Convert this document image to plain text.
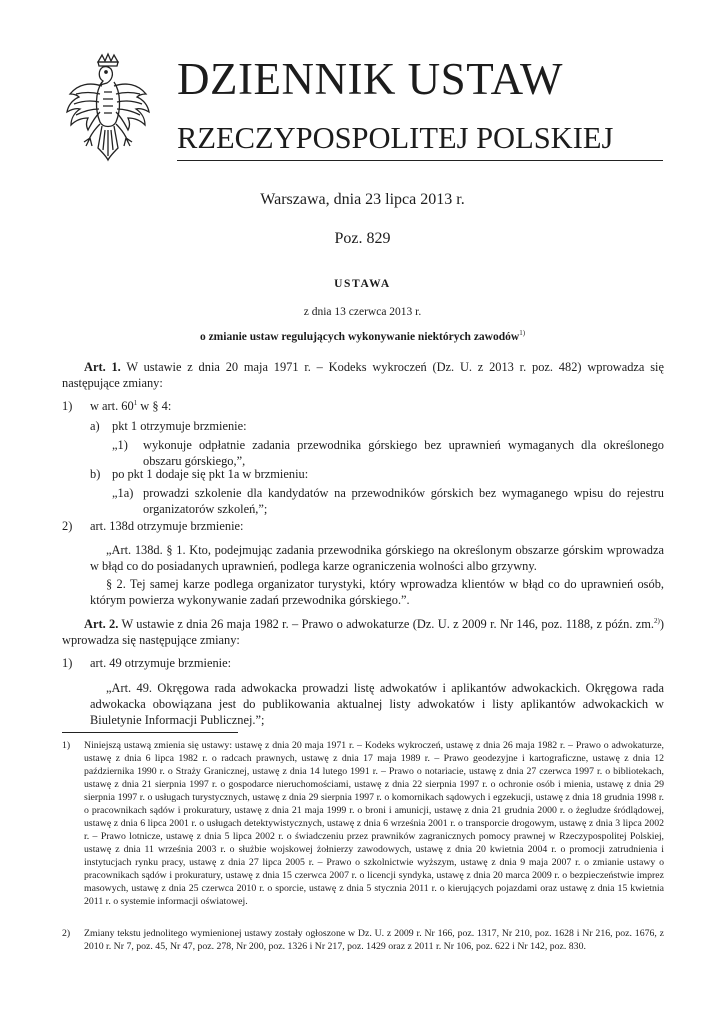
DZIENNIK USTAW
RZECZYPOSPOLITEJ POLSKIEJ
Warszawa, dnia 23 lipca 2013 r.
Poz. 829
USTAWA
z dnia 13 czerwca 2013 r.
o zmianie ustaw regulujących wykonywanie niektórych zawodów$^{1)}$
Art. 1. W ustawie z dnia 20 maja 1971 r. – Kodeks wykroczeń (Dz. U. z 2013 r. poz. 482) wprowadza się następujące zmiany:
1) w art. $60^1$ w § 4:
a) pkt 1 otrzymuje brzmienie:
„1) wykonuje odpłatnie zadania przewodnika górskiego bez uprawnień wymaganych dla określonego obszaru górskiego,”,
b) po pkt 1 dodaje się pkt 1a w brzmieniu:
„1a) prowadzi szkolenie dla kandydatów na przewodników górskich bez wymaganego wpisu do rejestru organizatorów szkoleń,”;
2) art. 138d otrzymuje brzmienie:
„Art. 138d. § 1. Kto, podejmując zadania przewodnika górskiego na określonym obszarze górskim wprowadza w błąd co do posiadanych uprawnień, podlega karze ograniczenia wolności albo grzywny.
§ 2. Tej samej karze podlega organizator turystyki, który wprowadza klientów w błąd co do uprawnień osób, którym powierza wykonywanie zadań przewodnika górskiego.”.
Art. 2. W ustawie z dnia 26 maja 1982 r. – Prawo o adwokaturze (Dz. U. z 2009 r. Nr 146, poz. 1188, z późn. zm.$^{2)}$) wprowadza się następujące zmiany:
1) art. 49 otrzymuje brzmienie:
„Art. 49. Okręgowa rada adwokacka prowadzi listę adwokatów i aplikantów adwokackich. Okręgowa rada adwokacka obowiązana jest do publikowania aktualnej listy adwokatów i listy aplikantów adwokackich w Biuletynie Informacji Publicznej.”;
1) Niniejszą ustawą zmienia się ustawy: ustawę z dnia 20 maja 1971 r. – Kodeks wykroczeń, ustawę z dnia 26 maja 1982 r. – Prawo o adwokaturze, ustawę z dnia 6 lipca 1982 r. o radcach prawnych, ustawę z dnia 17 maja 1989 r. – Prawo geodezyjne i kartograficzne, ustawę z dnia 12 października 1990 r. o Straży Granicznej, ustawę z dnia 14 lutego 1991 r. – Prawo o notariacie, ustawę z dnia 27 czerwca 1997 r. o bibliotekach, ustawę z dnia 21 sierpnia 1997 r. o gospodarce nieruchomościami, ustawę z dnia 22 sierpnia 1997 r. o ochronie osób i mienia, ustawę z dnia 29 sierpnia 1997 r. o usługach turystycznych, ustawę z dnia 29 sierpnia 1997 r. o komornikach sądowych i egzekucji, ustawę z dnia 18 grudnia 1998 r. o pracownikach sądów i prokuratury, ustawę z dnia 21 maja 1999 r. o broni i amunicji, ustawę z dnia 21 grudnia 2000 r. o żegludze śródlądowej, ustawę z dnia 6 lipca 2001 r. o usługach detektywistycznych, ustawę z dnia 6 września 2001 r. o transporcie drogowym, ustawę z dnia 3 lipca 2002 r. – Prawo lotnicze, ustawę z dnia 5 lipca 2002 r. o świadczeniu przez prawników zagranicznych pomocy prawnej w Rzeczypospolitej Polskiej, ustawę z dnia 11 września 2003 r. o służbie wojskowej żołnierzy zawodowych, ustawę z dnia 20 kwietnia 2004 r. o promocji zatrudnienia i instytucjach rynku pracy, ustawę z dnia 27 lipca 2005 r. – Prawo o szkolnictwie wyższym, ustawę z dnia 9 maja 2007 r. o zmianie ustawy o pracownikach sądów i prokuratury, ustawę z dnia 15 czerwca 2007 r. o licencji syndyka, ustawę z dnia 20 marca 2009 r. o bezpieczeństwie imprez masowych, ustawę z dnia 25 czerwca 2010 r. o sporcie, ustawę z dnia 5 stycznia 2011 r. o kierujących pojazdami oraz ustawę z dnia 15 kwietnia 2011 r. o systemie informacji oświatowej.
2) Zmiany tekstu jednolitego wymienionej ustawy zostały ogłoszone w Dz. U. z 2009 r. Nr 166, poz. 1317, Nr 210, poz. 1628 i Nr 216, poz. 1676, z 2010 r. Nr 7, poz. 45, Nr 47, poz. 278, Nr 200, poz. 1326 i Nr 217, poz. 1429 oraz z 2011 r. Nr 106, poz. 622 i Nr 142, poz. 830.
